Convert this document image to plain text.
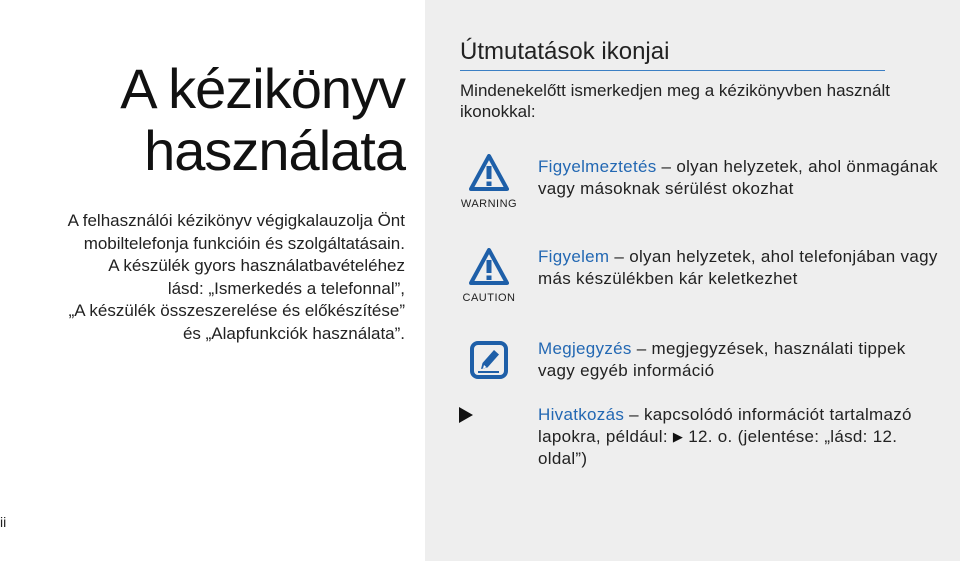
A kézikönyv
használata
A felhasználói kézikönyv végigkalauzolja Önt
mobiltelefonja funkcióin és szolgáltatásain.
A készülék gyors használatbavételéhez
lásd: „Ismerkedés a telefonnal”,
„A készülék összeszerelése és előkészítése”
és „Alapfunkciók használata”.
ii
Útmutatások ikonjai
Mindenekelőtt ismerkedjen meg a kézikönyvben használt ikonokkal:
WARNING
Figyelmeztetés – olyan helyzetek, ahol önmagának vagy másoknak sérülést okozhat
CAUTION
Figyelem – olyan helyzetek, ahol telefonjában vagy más készülékben kár keletkezhet
Megjegyzés – megjegyzések, használati tippek vagy egyéb információ
Hivatkozás – kapcsolódó információt tartalmazó lapokra, például: ▶ 12. o. (jelentése: „lásd: 12. oldal”)
